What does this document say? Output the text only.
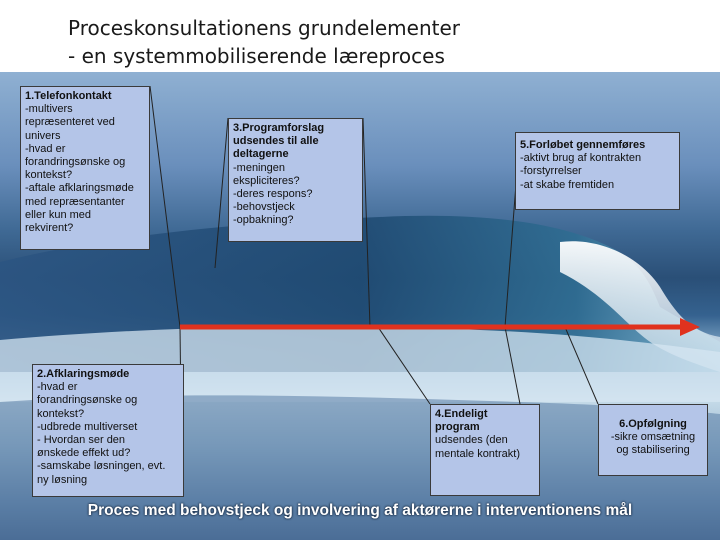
Proceskonsultationens grundelementer
- en systemmobiliserende læreproces
1.Telefonkontakt
-multivers
repræsenteret ved
univers
-hvad er
forandringsønske og
kontekst?
-aftale afklaringsmøde
med repræsentanter
eller kun med
rekvirent?
2.Afklaringsmøde
-hvad er
forandringsønske og
kontekst?
-udbrede multiverset
- Hvordan ser den
ønskede effekt ud?
-samskabe løsningen, evt.
ny løsning
3.Programforslag
udsendes til alle
deltagerne
-meningen
ekspliciteres?
-deres respons?
-behovstjeck
-opbakning?
4.Endeligt
program
udsendes (den
mentale kontrakt)
5.Forløbet gennemføres
-aktivt brug af kontrakten
-forstyrrelser
-at skabe fremtiden
6.Opfølgning
-sikre omsætning
og stabilisering
Proces med behovstjeck og involvering af aktørerne i interventionens mål
